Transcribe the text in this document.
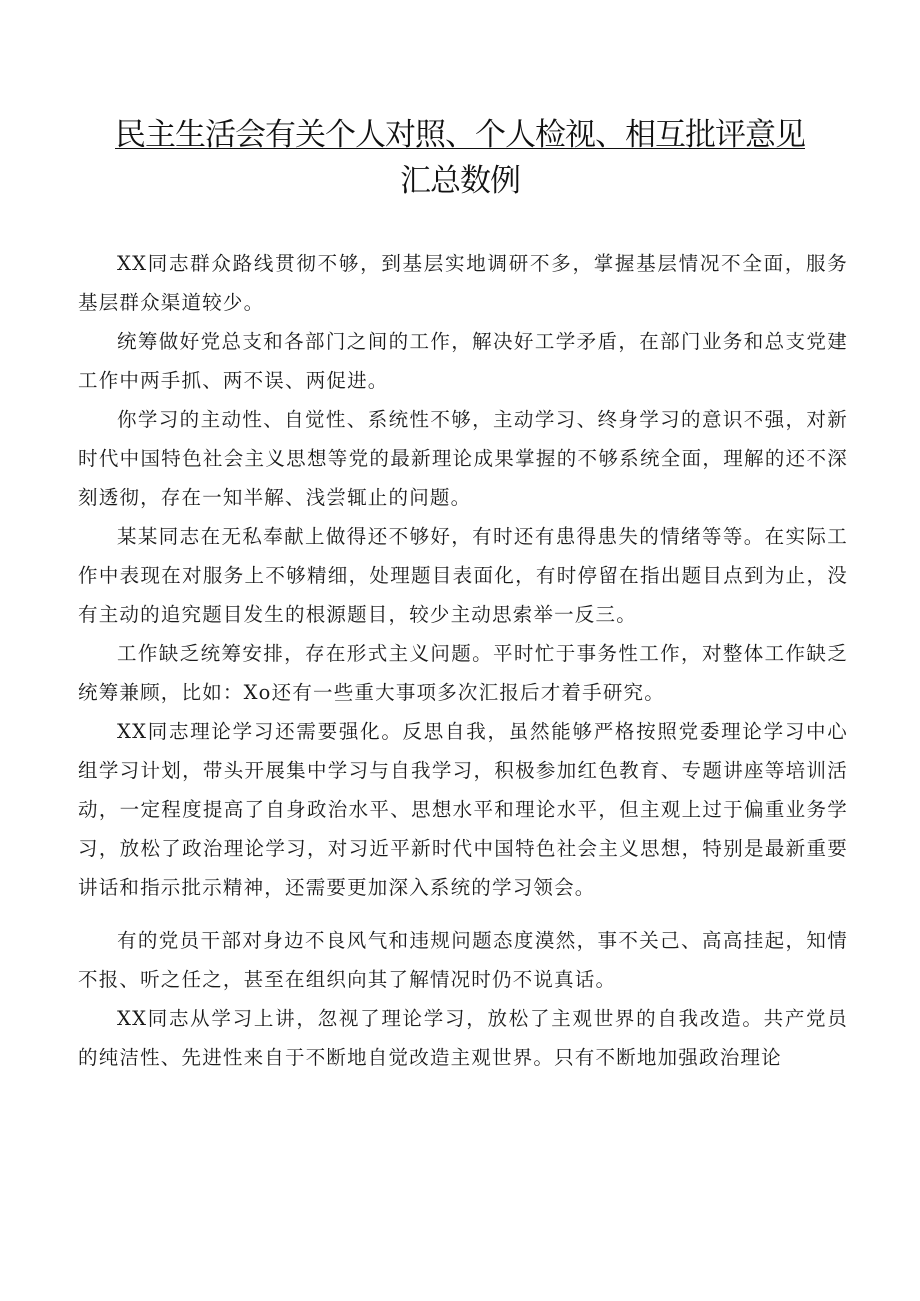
民主生活会有关个人对照、个人检视、相互批评意见
汇总数例

XX同志群众路线贯彻不够，到基层实地调研不多，掌握基层情况不全面，服务基层群众渠道较少。

统筹做好党总支和各部门之间的工作，解决好工学矛盾，在部门业务和总支党建工作中两手抓、两不误、两促进。

你学习的主动性、自觉性、系统性不够，主动学习、终身学习的意识不强，对新时代中国特色社会主义思想等党的最新理论成果掌握的不够系统全面，理解的还不深刻透彻，存在一知半解、浅尝辄止的问题。

某某同志在无私奉献上做得还不够好，有时还有患得患失的情绪等等。在实际工作中表现在对服务上不够精细，处理题目表面化，有时停留在指出题目点到为止，没有主动的追究题目发生的根源题目，较少主动思索举一反三。

工作缺乏统筹安排，存在形式主义问题。平时忙于事务性工作，对整体工作缺乏统筹兼顾，比如：Xo还有一些重大事项多次汇报后才着手研究。

XX同志理论学习还需要强化。反思自我，虽然能够严格按照党委理论学习中心组学习计划，带头开展集中学习与自我学习，积极参加红色教育、专题讲座等培训活动，一定程度提高了自身政治水平、思想水平和理论水平，但主观上过于偏重业务学习，放松了政治理论学习，对习近平新时代中国特色社会主义思想，特别是最新重要讲话和指示批示精神，还需要更加深入系统的学习领会。

有的党员干部对身边不良风气和违规问题态度漠然，事不关己、高高挂起，知情不报、听之任之，甚至在组织向其了解情况时仍不说真话。

XX同志从学习上讲，忽视了理论学习，放松了主观世界的自我改造。共产党员的纯洁性、先进性来自于不断地自觉改造主观世界。只有不断地加强政治理论
